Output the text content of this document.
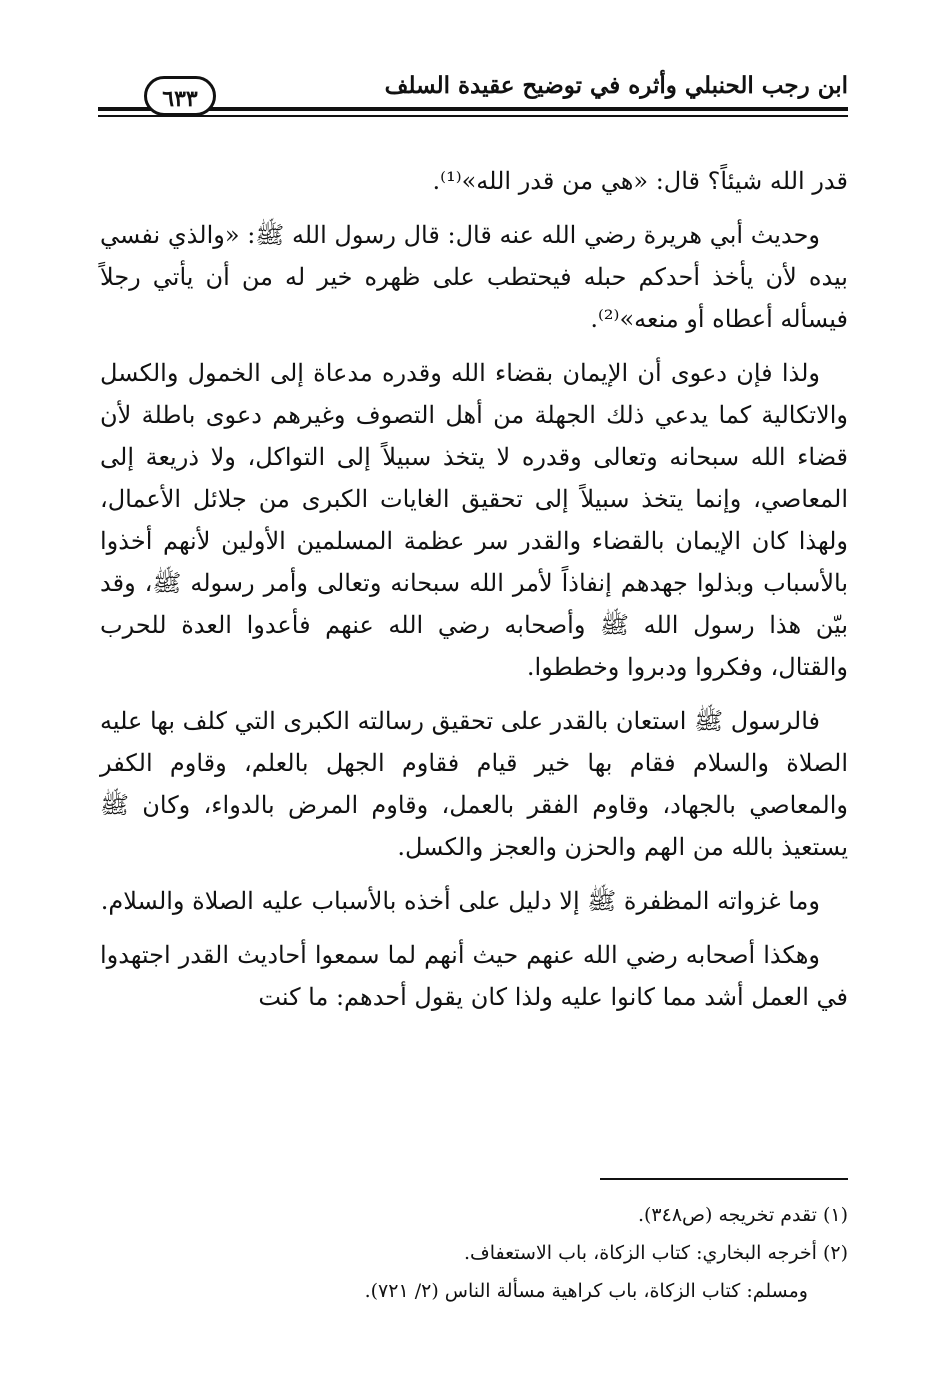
ابن رجب الحنبلي وأثره في توضيح عقيدة السلف
٦٣٣

قدر الله شيئاً؟ قال: «هي من قدر الله»⁽¹⁾.

وحديث أبي هريرة رضي الله عنه قال: قال رسول الله ﷺ: «والذي نفسي بيده لأن يأخذ أحدكم حبله فيحتطب على ظهره خير له من أن يأتي رجلاً فيسأله أعطاه أو منعه»⁽²⁾.

ولذا فإن دعوى أن الإيمان بقضاء الله وقدره مدعاة إلى الخمول والكسل والاتكالية كما يدعي ذلك الجهلة من أهل التصوف وغيرهم دعوى باطلة لأن قضاء الله سبحانه وتعالى وقدره لا يتخذ سبيلاً إلى التواكل، ولا ذريعة إلى المعاصي، وإنما يتخذ سبيلاً إلى تحقيق الغايات الكبرى من جلائل الأعمال، ولهذا كان الإيمان بالقضاء والقدر سر عظمة المسلمين الأولين لأنهم أخذوا بالأسباب وبذلوا جهدهم إنفاذاً لأمر الله سبحانه وتعالى وأمر رسوله ﷺ، وقد بيّن هذا رسول الله ﷺ وأصحابه رضي الله عنهم فأعدوا العدة للحرب والقتال، وفكروا ودبروا وخططوا.

فالرسول ﷺ استعان بالقدر على تحقيق رسالته الكبرى التي كلف بها عليه الصلاة والسلام فقام بها خير قيام فقاوم الجهل بالعلم، وقاوم الكفر والمعاصي بالجهاد، وقاوم الفقر بالعمل، وقاوم المرض بالدواء، وكان ﷺ يستعيذ بالله من الهم والحزن والعجز والكسل.

وما غزواته المظفرة ﷺ إلا دليل على أخذه بالأسباب عليه الصلاة والسلام.

وهكذا أصحابه رضي الله عنهم حيث أنهم لما سمعوا أحاديث القدر اجتهدوا في العمل أشد مما كانوا عليه ولذا كان يقول أحدهم: ما كنت

(١) تقدم تخريجه (ص٣٤٨).

(٢) أخرجه البخاري: كتاب الزكاة، باب الاستعفاف.

ومسلم: كتاب الزكاة، باب كراهية مسألة الناس (٢/ ٧٢١).
